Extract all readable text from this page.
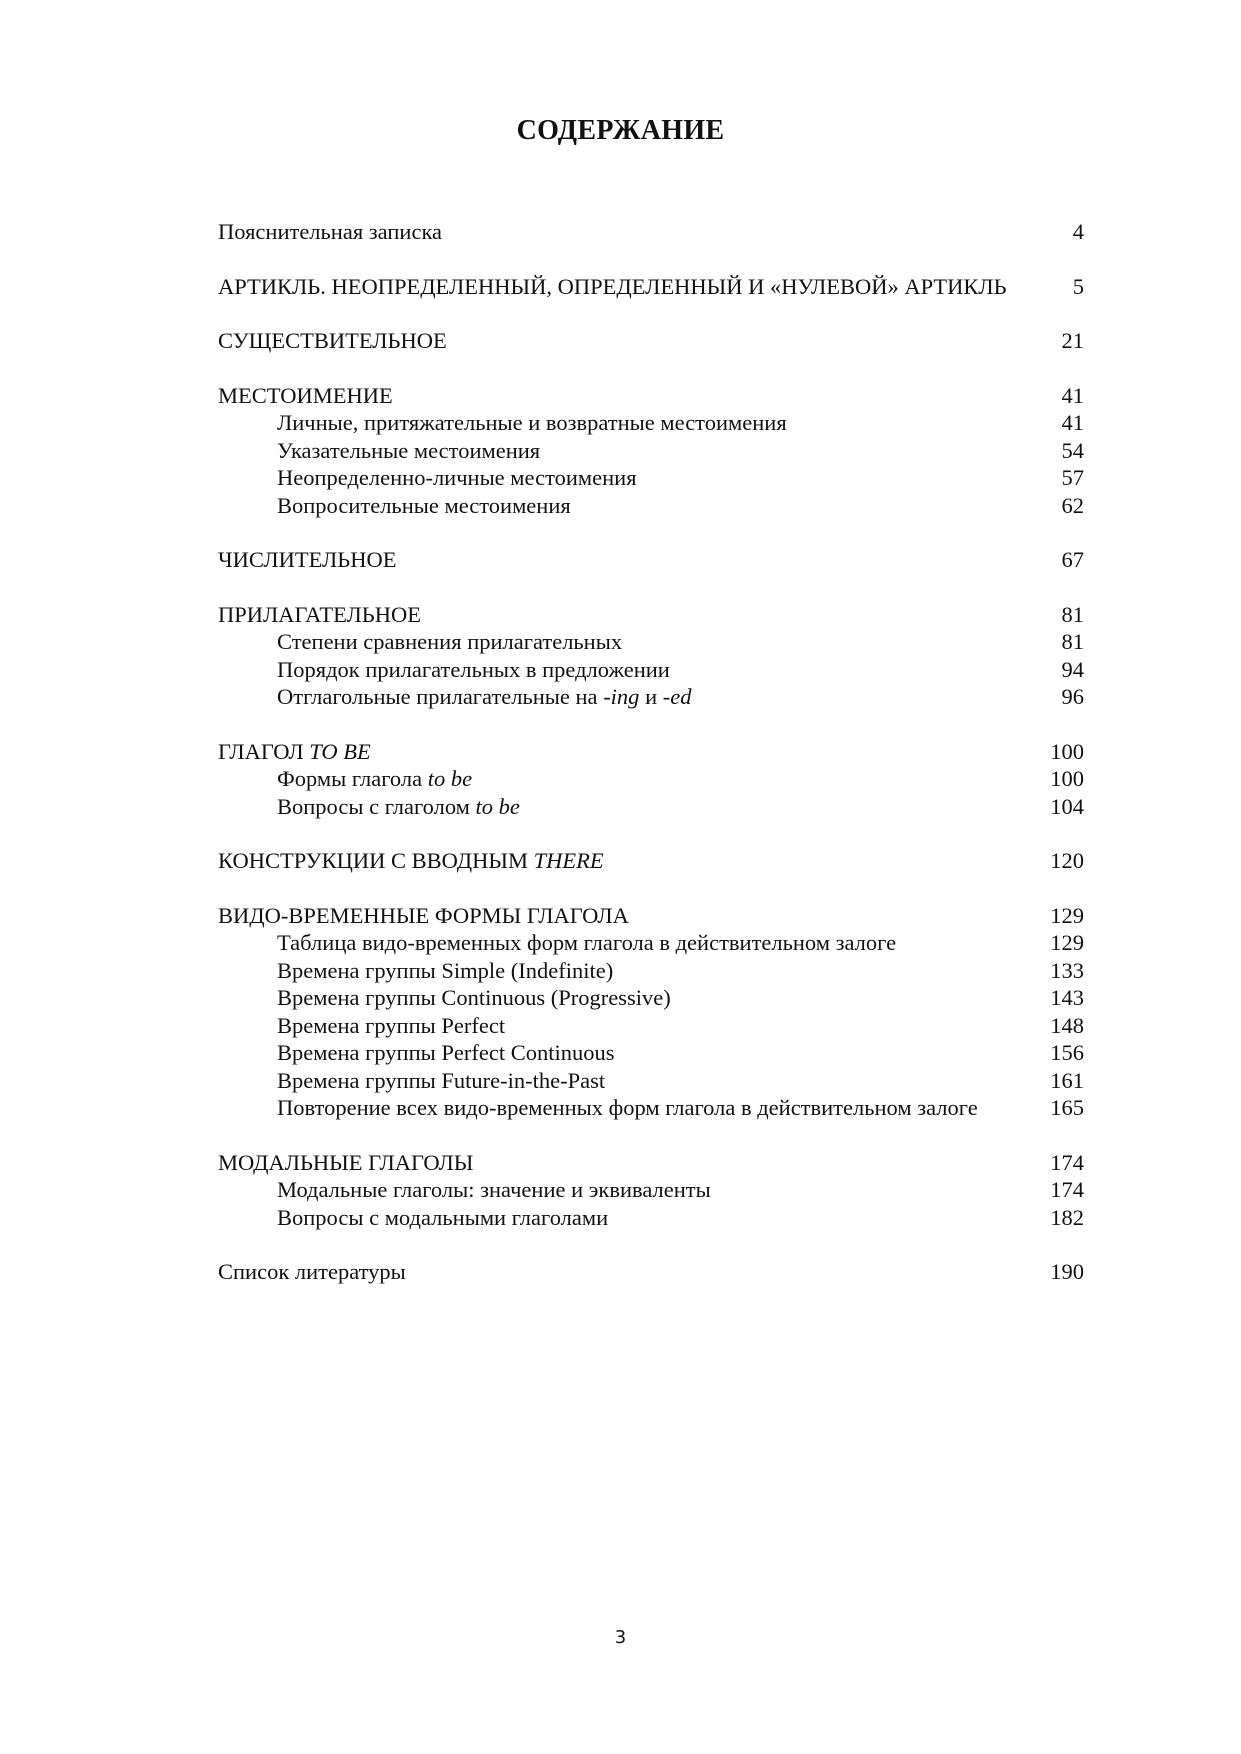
СОДЕРЖАНИЕ
Пояснительная записка	4
АРТИКЛЬ. НЕОПРЕДЕЛЕННЫЙ, ОПРЕДЕЛЕННЫЙ И «НУЛЕВОЙ» АРТИКЛЬ	5
СУЩЕСТВИТЕЛЬНОЕ	21
МЕСТОИМЕНИЕ	41
Личные, притяжательные и возвратные местоимения	41
Указательные местоимения	54
Неопределенно-личные местоимения	57
Вопросительные местоимения	62
ЧИСЛИТЕЛЬНОЕ	67
ПРИЛАГАТЕЛЬНОЕ	81
Степени сравнения прилагательных	81
Порядок прилагательных в предложении	94
Отглагольные прилагательные на -ing и -ed	96
ГЛАГОЛ TO BE	100
Формы глагола to be	100
Вопросы с глаголом to be	104
КОНСТРУКЦИИ С ВВОДНЫМ THERE	120
ВИДО-ВРЕМЕННЫЕ ФОРМЫ ГЛАГОЛА	129
Таблица видо-временных форм глагола в действительном залоге	129
Времена группы Simple (Indefinite)	133
Времена группы Continuous (Progressive)	143
Времена группы Perfect	148
Времена группы Perfect Continuous	156
Времена группы Future-in-the-Past	161
Повторение всех видо-временных форм глагола в действительном залоге	165
МОДАЛЬНЫЕ ГЛАГОЛЫ	174
Модальные глаголы: значение и эквиваленты	174
Вопросы с модальными глаголами	182
Список литературы	190
3
